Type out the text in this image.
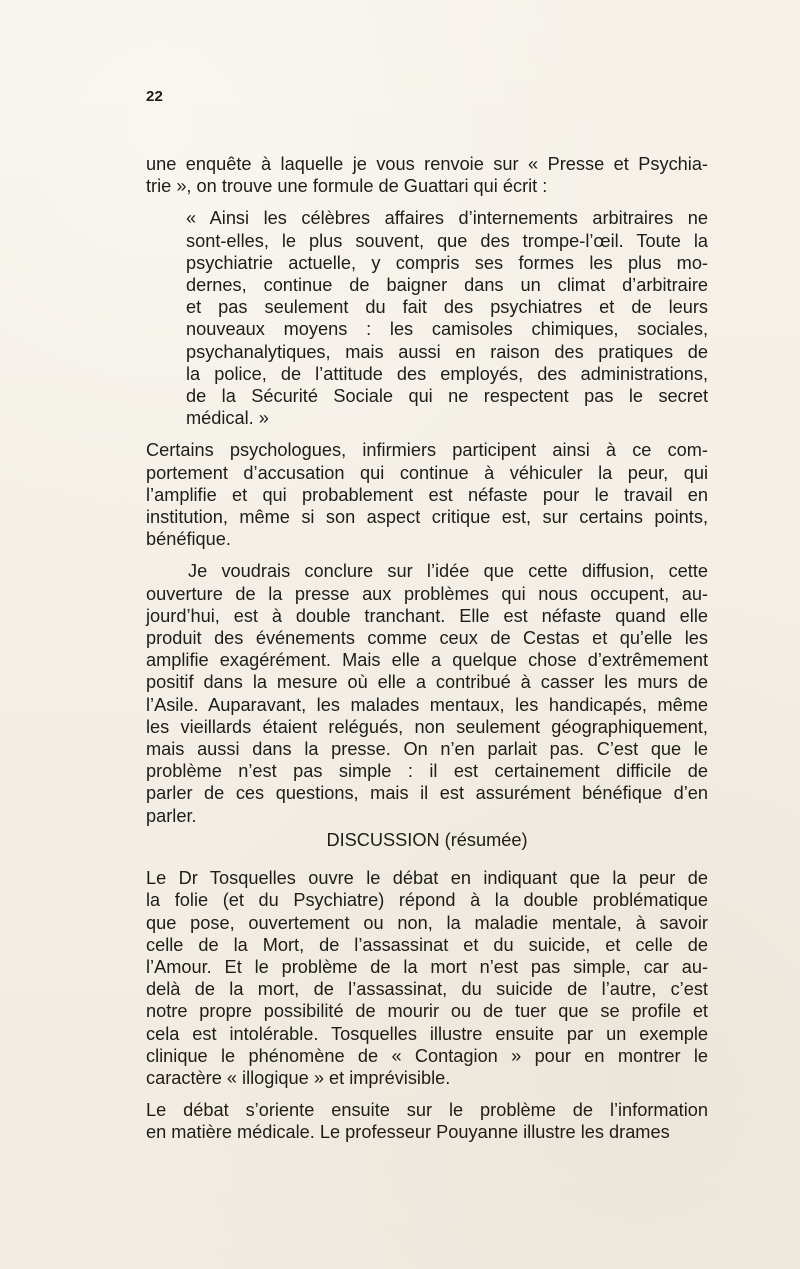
22
une enquête à laquelle je vous renvoie sur « Presse et Psychia-
trie », on trouve une formule de Guattari qui écrit :
« Ainsi les célèbres affaires d’internements arbitraires ne
sont-elles, le plus souvent, que des trompe-l’œil. Toute la
psychiatrie actuelle, y compris ses formes les plus mo-
dernes, continue de baigner dans un climat d’arbitraire
et pas seulement du fait des psychiatres et de leurs
nouveaux moyens : les camisoles chimiques, sociales,
psychanalytiques, mais aussi en raison des pratiques de
la police, de l’attitude des employés, des administrations,
de la Sécurité Sociale qui ne respectent pas le secret
médical. »
Certains psychologues, infirmiers participent ainsi à ce com-
portement d’accusation qui continue à véhiculer la peur, qui
l’amplifie et qui probablement est néfaste pour le travail en
institution, même si son aspect critique est, sur certains points,
bénéfique.
Je voudrais conclure sur l’idée que cette diffusion, cette
ouverture de la presse aux problèmes qui nous occupent, au-
jourd’hui, est à double tranchant. Elle est néfaste quand elle
produit des événements comme ceux de Cestas et qu’elle les
amplifie exagérément. Mais elle a quelque chose d’extrêmement
positif dans la mesure où elle a contribué à casser les murs de
l’Asile. Auparavant, les malades mentaux, les handicapés, même
les vieillards étaient relégués, non seulement géographiquement,
mais aussi dans la presse. On n’en parlait pas. C’est que le
problème n’est pas simple : il est certainement difficile de
parler de ces questions, mais il est assurément bénéfique d’en
parler.
DISCUSSION (résumée)
Le Dr Tosquelles ouvre le débat en indiquant que la peur de
la folie (et du Psychiatre) répond à la double problématique
que pose, ouvertement ou non, la maladie mentale, à savoir
celle de la Mort, de l’assassinat et du suicide, et celle de
l’Amour. Et le problème de la mort n’est pas simple, car au-
delà de la mort, de l’assassinat, du suicide de l’autre, c’est
notre propre possibilité de mourir ou de tuer que se profile et
cela est intolérable. Tosquelles illustre ensuite par un exemple
clinique le phénomène de « Contagion » pour en montrer le
caractère « illogique » et imprévisible.
Le débat s’oriente ensuite sur le problème de l’information
en matière médicale. Le professeur Pouyanne illustre les drames
